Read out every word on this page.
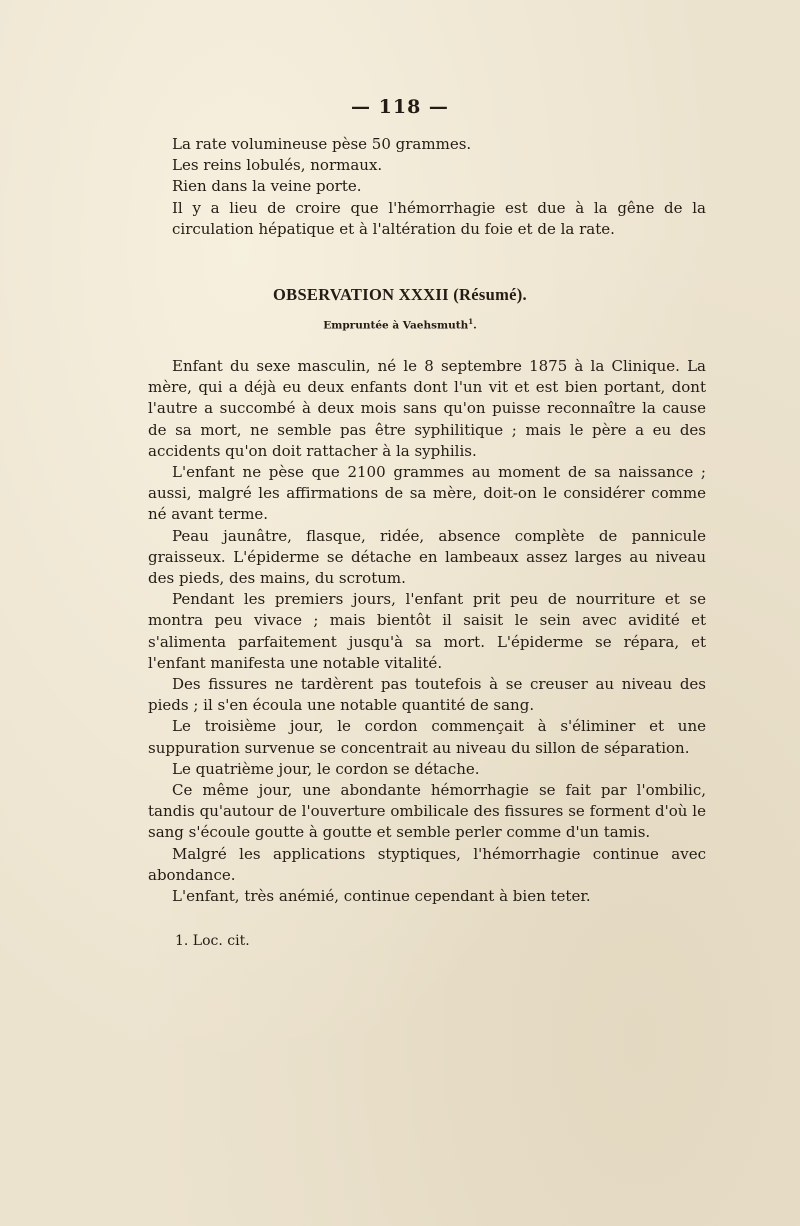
— 118 —

La rate volumineuse pèse 50 grammes.

Les reins lobulés, normaux.

Rien dans la veine porte.

Il y a lieu de croire que l'hémorrhagie est due à la gêne de la circulation hépatique et à l'altération du foie et de la rate.

OBSERVATION XXXII (Résumé).
Empruntée à Vaehsmuth$^1$.

Enfant du sexe masculin, né le 8 septembre 1875 à la Clinique. La mère, qui a déjà eu deux enfants dont l'un vit et est bien portant, dont l'autre a succombé à deux mois sans qu'on puisse reconnaître la cause de sa mort, ne semble pas être syphilitique ; mais le père a eu des accidents qu'on doit rattacher à la syphilis.

L'enfant ne pèse que 2100 grammes au moment de sa naissance ; aussi, malgré les affirmations de sa mère, doit-on le considérer comme né avant terme.

Peau jaunâtre, flasque, ridée, absence complète de pannicule graisseux. L'épiderme se détache en lambeaux assez larges au niveau des pieds, des mains, du scrotum.

Pendant les premiers jours, l'enfant prit peu de nourriture et se montra peu vivace ; mais bientôt il saisit le sein avec avidité et s'alimenta parfaitement jusqu'à sa mort. L'épiderme se répara, et l'enfant manifesta une notable vitalité.

Des fissures ne tardèrent pas toutefois à se creuser au niveau des pieds ; il s'en écoula une notable quantité de sang.

Le troisième jour, le cordon commençait à s'éliminer et une suppuration survenue se concentrait au niveau du sillon de séparation.

Le quatrième jour, le cordon se détache.

Ce même jour, une abondante hémorrhagie se fait par l'ombilic, tandis qu'autour de l'ouverture ombilicale des fissures se forment d'où le sang s'écoule goutte à goutte et semble perler comme d'un tamis.

Malgré les applications styptiques, l'hémorrhagie continue avec abondance.

L'enfant, très anémié, continue cependant à bien teter.

1. Loc. cit.
